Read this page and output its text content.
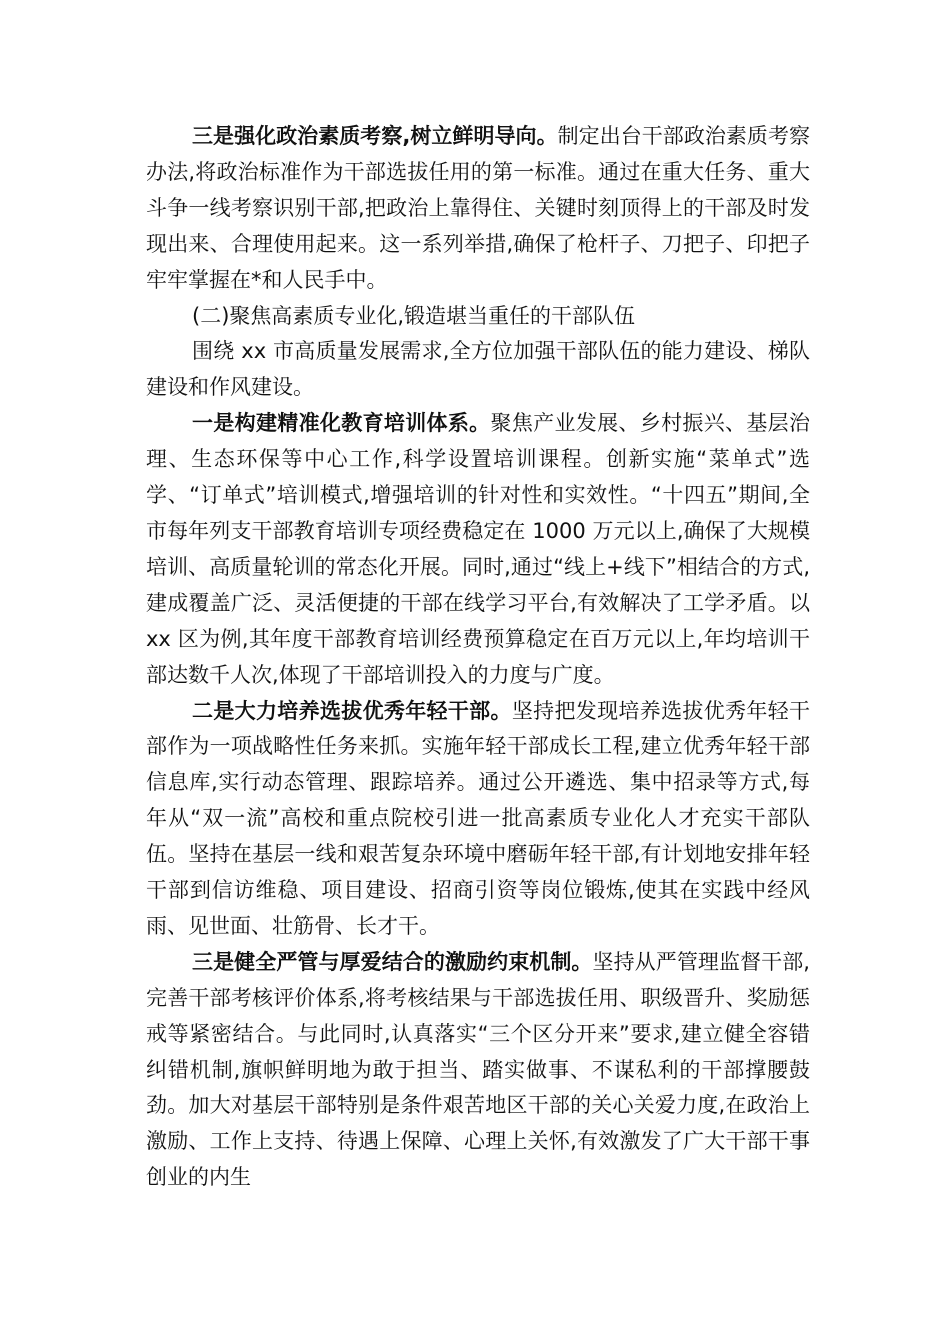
三是强化政治素质考察,树立鲜明导向。制定出台干部政治素质考察办法,将政治标准作为干部选拔任用的第一标准。通过在重大任务、重大斗争一线考察识别干部,把政治上靠得住、关键时刻顶得上的干部及时发现出来、合理使用起来。这一系列举措,确保了枪杆子、刀把子、印把子牢牢掌握在*和人民手中。

(二)聚焦高素质专业化,锻造堪当重任的干部队伍

围绕 xx 市高质量发展需求,全方位加强干部队伍的能力建设、梯队建设和作风建设。

一是构建精准化教育培训体系。聚焦产业发展、乡村振兴、基层治理、生态环保等中心工作,科学设置培训课程。创新实施“菜单式”选学、“订单式”培训模式,增强培训的针对性和实效性。“十四五”期间,全市每年列支干部教育培训专项经费稳定在 1000 万元以上,确保了大规模培训、高质量轮训的常态化开展。同时,通过“线上+线下”相结合的方式,建成覆盖广泛、灵活便捷的干部在线学习平台,有效解决了工学矛盾。以 xx 区为例,其年度干部教育培训经费预算稳定在百万元以上,年均培训干部达数千人次,体现了干部培训投入的力度与广度。

二是大力培养选拔优秀年轻干部。坚持把发现培养选拔优秀年轻干部作为一项战略性任务来抓。实施年轻干部成长工程,建立优秀年轻干部信息库,实行动态管理、跟踪培养。通过公开遴选、集中招录等方式,每年从“双一流”高校和重点院校引进一批高素质专业化人才充实干部队伍。坚持在基层一线和艰苦复杂环境中磨砺年轻干部,有计划地安排年轻干部到信访维稳、项目建设、招商引资等岗位锻炼,使其在实践中经风雨、见世面、壮筋骨、长才干。

三是健全严管与厚爱结合的激励约束机制。坚持从严管理监督干部,完善干部考核评价体系,将考核结果与干部选拔任用、职级晋升、奖励惩戒等紧密结合。与此同时,认真落实“三个区分开来”要求,建立健全容错纠错机制,旗帜鲜明地为敢于担当、踏实做事、不谋私利的干部撑腰鼓劲。加大对基层干部特别是条件艰苦地区干部的关心关爱力度,在政治上激励、工作上支持、待遇上保障、心理上关怀,有效激发了广大干部干事创业的内生
